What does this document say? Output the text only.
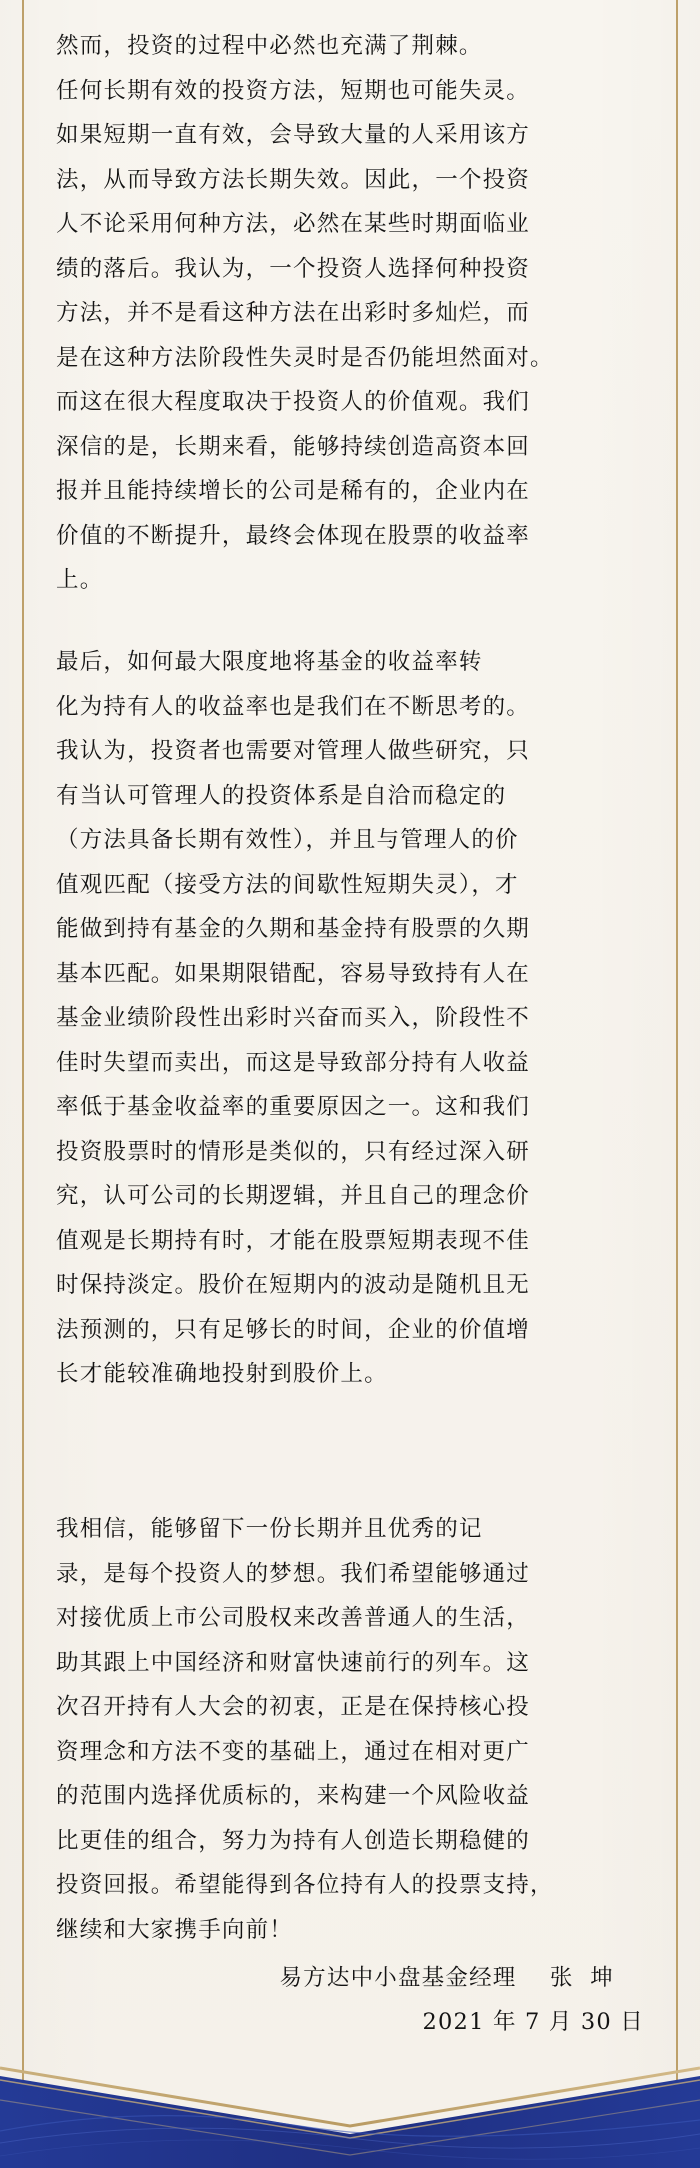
然而，投资的过程中必然也充满了荆棘。
任何长期有效的投资方法，短期也可能失灵。
如果短期一直有效，会导致大量的人采用该方
法，从而导致方法长期失效。因此，一个投资
人不论采用何种方法，必然在某些时期面临业
绩的落后。我认为，一个投资人选择何种投资
方法，并不是看这种方法在出彩时多灿烂，而
是在这种方法阶段性失灵时是否仍能坦然面对。
而这在很大程度取决于投资人的价值观。我们
深信的是，长期来看，能够持续创造高资本回
报并且能持续增长的公司是稀有的，企业内在
价值的不断提升，最终会体现在股票的收益率
上。

最后，如何最大限度地将基金的收益率转
化为持有人的收益率也是我们在不断思考的。
我认为，投资者也需要对管理人做些研究，只
有当认可管理人的投资体系是自洽而稳定的
（方法具备长期有效性），并且与管理人的价
值观匹配（接受方法的间歇性短期失灵），才
能做到持有基金的久期和基金持有股票的久期
基本匹配。如果期限错配，容易导致持有人在
基金业绩阶段性出彩时兴奋而买入，阶段性不
佳时失望而卖出，而这是导致部分持有人收益
率低于基金收益率的重要原因之一。这和我们
投资股票时的情形是类似的，只有经过深入研
究，认可公司的长期逻辑，并且自己的理念价
值观是长期持有时，才能在股票短期表现不佳
时保持淡定。股价在短期内的波动是随机且无
法预测的，只有足够长的时间，企业的价值增
长才能较准确地投射到股价上。

我相信，能够留下一份长期并且优秀的记
录，是每个投资人的梦想。我们希望能够通过
对接优质上市公司股权来改善普通人的生活，
助其跟上中国经济和财富快速前行的列车。这
次召开持有人大会的初衷，正是在保持核心投
资理念和方法不变的基础上，通过在相对更广
的范围内选择优质标的，来构建一个风险收益
比更佳的组合，努力为持有人创造长期稳健的
投资回报。希望能得到各位持有人的投票支持，
继续和大家携手向前！

易方达中小盘基金经理    张  坤

2021 年 7 月 30 日
